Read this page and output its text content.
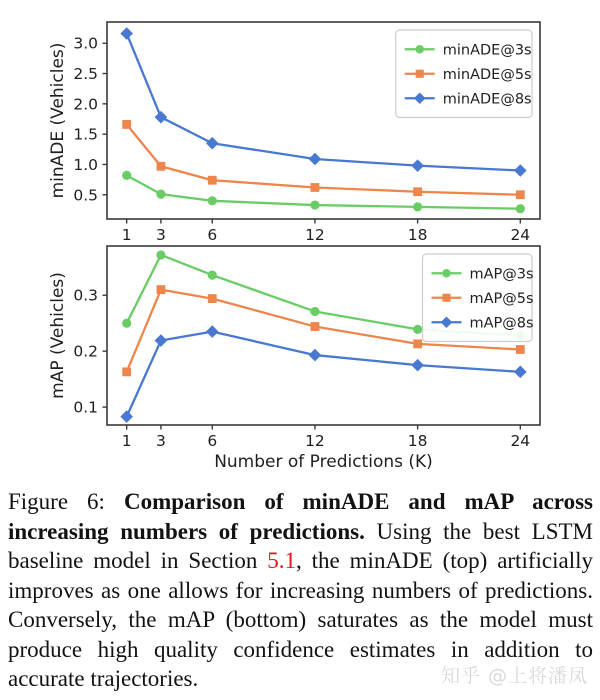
0.5
1.0
1.5
2.0
2.5
3.0
1 3	6	12	18	24
minADE (Vehicles)	minADE@3s
minADE@5s
minADE@8s
0.1
0.2
0.3
1 3	6	12	18	24
mAP (Vehicles)
Number of Predictions (K)
mAP@3s
mAP@5s
mAP@8s

Figure 6: Comparison of minADE and mAP across increasing numbers of predictions. Using the best LSTM baseline model in Section 5.1, the minADE (top) artificially improves as one allows for increasing numbers of predictions. Conversely, the mAP (bottom) saturates as the model must produce high quality confidence estimates in addition to accurate trajectories.	知乎 @上将潘凤
